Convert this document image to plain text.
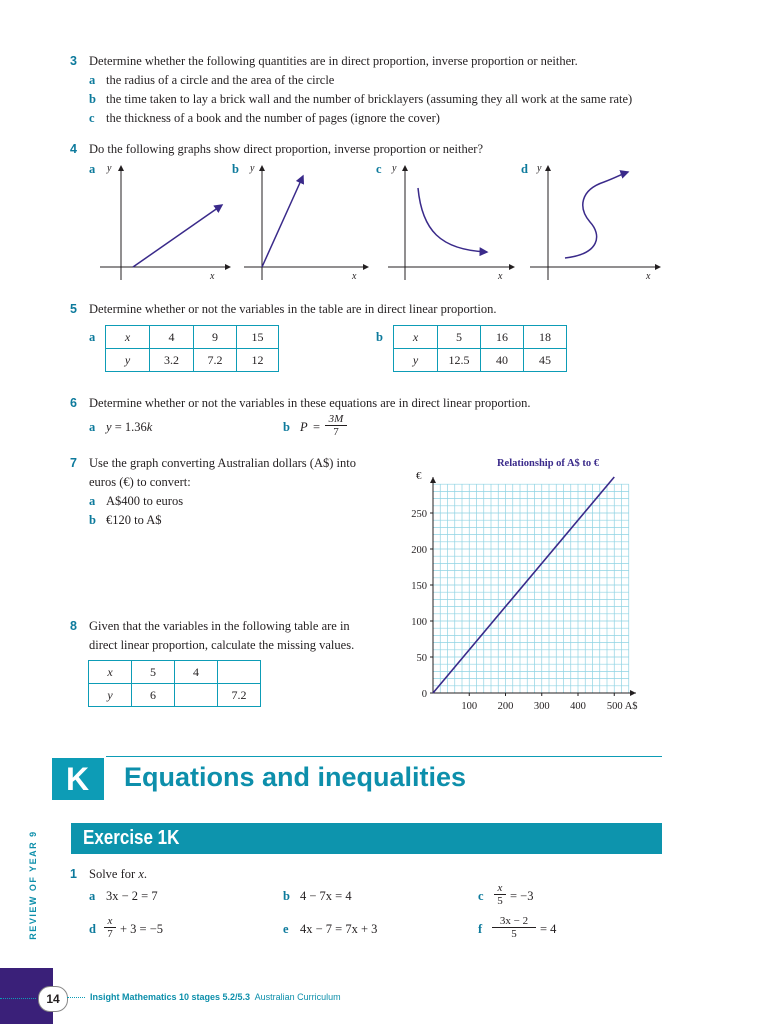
3 Determine whether the following quantities are in direct proportion, inverse proportion or neither.
a the radius of a circle and the area of the circle
b the time taken to lay a brick wall and the number of bricklayers (assuming they all work at the same rate)
c the thickness of a book and the number of pages (ignore the cover)
4 Do the following graphs show direct proportion, inverse proportion or neither?
a	b	c	d
y
x
y
x
y
x
y
x
5 Determine whether or not the variables in the table are in direct linear proportion.
a x	4	9	15
y	3.2	7.2	12
b x	5	16	18
y	12.5	40	45
6 Determine whether or not the variables in these equations are in direct linear proportion.
a y = 1.36k	b $P = \frac{3M}{7}$
7 Use the graph converting Australian dollars (A$) into
euros (€) to convert:
a A$400 to euros
b €120 to A$
Relationship of A$ to €
€
0
50
100
150
200
250
100 200 300 400 500 A$
8 Given that the variables in the following table are in
direct linear proportion, calculate the missing values.
x	5	4	
y	6		7.2
K Equations and inequalities
Exercise 1K
1 Solve for x.
a 3x − 2 = 7	b 4 − 7x = 4	c $\frac{x}{5} = -3$
d $\frac{x}{7} + 3 = -5$	e 4x − 7 = 7x + 3	f $\frac{3x - 2}{5} = 4$
REVIEW OF YEAR 9
14	Insight Mathematics 10 stages 5.2/5.3 Australian Curriculum
